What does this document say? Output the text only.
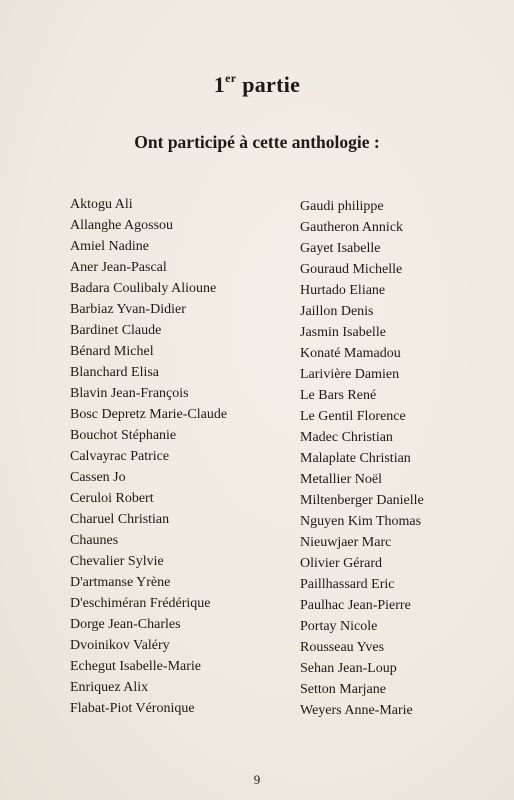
1er partie
Ont participé à cette anthologie :
Aktogu Ali
Allanghe Agossou
Amiel Nadine
Aner Jean-Pascal
Badara Coulibaly Alioune
Barbiaz Yvan-Didier
Bardinet Claude
Bénard Michel
Blanchard Elisa
Blavin Jean-François
Bosc Depretz Marie-Claude
Bouchot Stéphanie
Calvayrac Patrice
Cassen Jo
Ceruloi Robert
Charuel Christian
Chaunes
Chevalier Sylvie
D'artmanse Yrène
D'eschiméran Frédérique
Dorge Jean-Charles
Dvoinikov Valéry
Echegut Isabelle-Marie
Enriquez Alix
Flabat-Piot Véronique
Gaudi philippe
Gautheron Annick
Gayet Isabelle
Gouraud Michelle
Hurtado Eliane
Jaillon Denis
Jasmin Isabelle
Konaté Mamadou
Larivière Damien
Le Bars René
Le Gentil Florence
Madec Christian
Malaplate Christian
Metallier Noël
Miltenberger Danielle
Nguyen Kim Thomas
Nieuwjaer Marc
Olivier Gérard
Paillhassard Eric
Paulhac Jean-Pierre
Portay Nicole
Rousseau Yves
Sehan Jean-Loup
Setton Marjane
Weyers Anne-Marie
9
